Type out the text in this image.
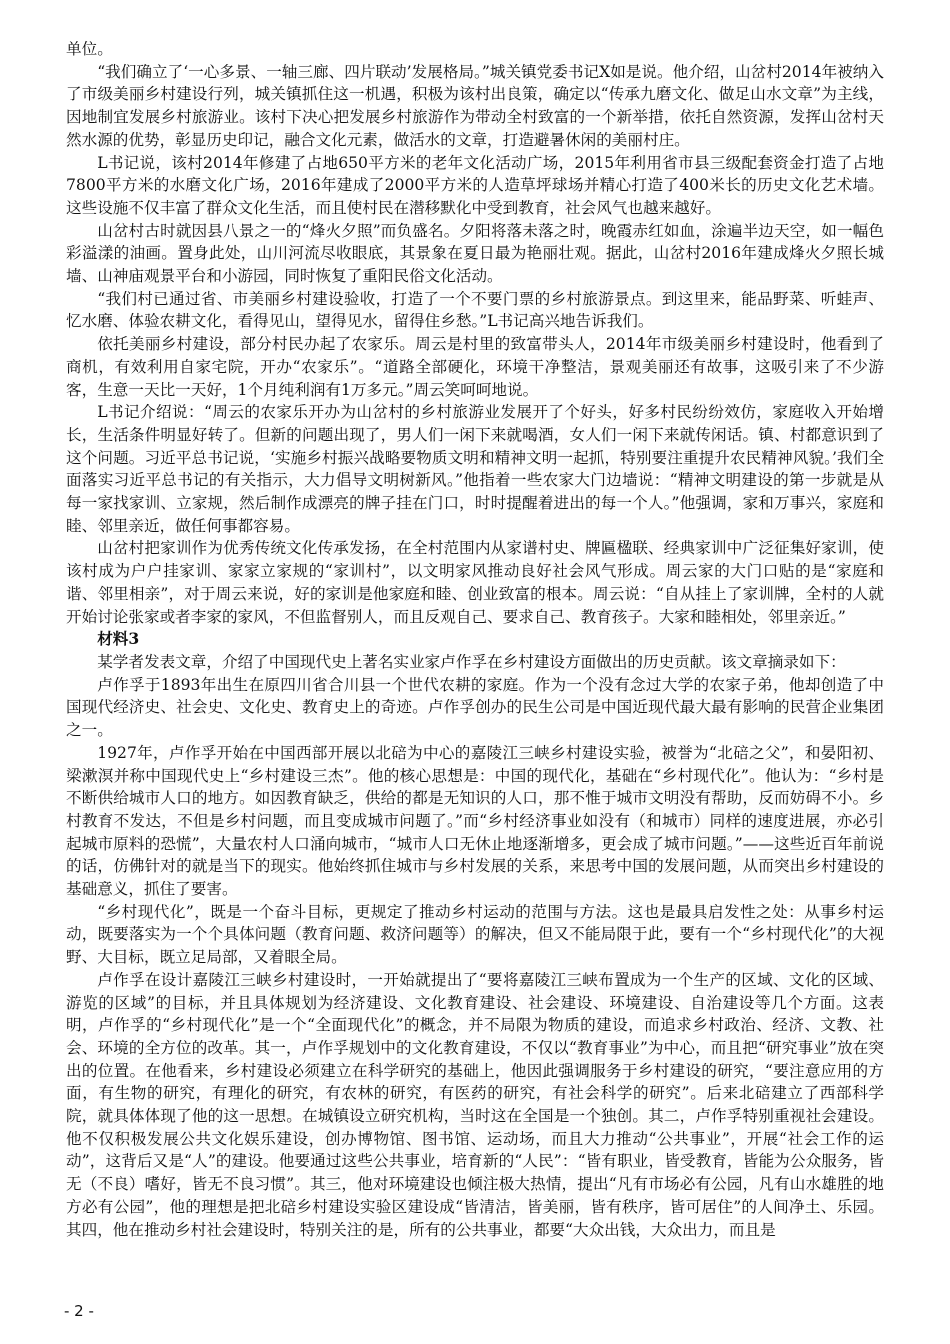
单位。

“我们确立了‘一心多景、一轴三廊、四片联动’发展格局。”城关镇党委书记X如是说。他介绍，山岔村2014年被纳入了市级美丽乡村建设行列，城关镇抓住这一机遇，积极为该村出良策，确定以“传承九磨文化、做足山水文章”为主线，因地制宜发展乡村旅游业。该村下决心把发展乡村旅游作为带动全村致富的一个新举措，依托自然资源，发挥山岔村天然水源的优势，彰显历史印记，融合文化元素，做活水的文章，打造避暑休闲的美丽村庄。

L书记说，该村2014年修建了占地650平方米的老年文化活动广场，2015年利用省市县三级配套资金打造了占地7800平方米的水磨文化广场，2016年建成了2000平方米的人造草坪球场并精心打造了400米长的历史文化艺术墙。这些设施不仅丰富了群众文化生活，而且使村民在潜移默化中受到教育，社会风气也越来越好。

山岔村古时就因县八景之一的“烽火夕照”而负盛名。夕阳将落未落之时，晚霞赤红如血，涂遍半边天空，如一幅色彩溢漾的油画。置身此处，山川河流尽收眼底，其景象在夏日最为艳丽壮观。据此，山岔村2016年建成烽火夕照长城墙、山神庙观景平台和小游园，同时恢复了重阳民俗文化活动。

“我们村已通过省、市美丽乡村建设验收，打造了一个不要门票的乡村旅游景点。到这里来，能品野菜、听蛙声、忆水磨、体验农耕文化，看得见山，望得见水，留得住乡愁。”L书记高兴地告诉我们。

依托美丽乡村建设，部分村民办起了农家乐。周云是村里的致富带头人，2014年市级美丽乡村建设时，他看到了商机，有效利用自家宅院，开办“农家乐”。“道路全部硬化，环境干净整洁，景观美丽还有故事，这吸引来了不少游客，生意一天比一天好，1个月纯利润有1万多元。”周云笑呵呵地说。

L书记介绍说：“周云的农家乐开办为山岔村的乡村旅游业发展开了个好头，好多村民纷纷效仿，家庭收入开始增长，生活条件明显好转了。但新的问题出现了，男人们一闲下来就喝酒，女人们一闲下来就传闲话。镇、村都意识到了这个问题。习近平总书记说，‘实施乡村振兴战略要物质文明和精神文明一起抓，特别要注重提升农民精神风貌。’我们全面落实习近平总书记的有关指示，大力倡导文明树新风。”他指着一些农家大门边墙说：“精神文明建设的第一步就是从每一家找家训、立家规，然后制作成漂亮的牌子挂在门口，时时提醒着进出的每一个人。”他强调，家和万事兴，家庭和睦、邻里亲近，做任何事都容易。

山岔村把家训作为优秀传统文化传承发扬，在全村范围内从家谱村史、牌匾楹联、经典家训中广泛征集好家训，使该村成为户户挂家训、家家立家规的“家训村”，以文明家风推动良好社会风气形成。周云家的大门口贴的是“家庭和谐、邻里相亲”，对于周云来说，好的家训是他家庭和睦、创业致富的根本。周云说：“自从挂上了家训牌，全村的人就开始讨论张家或者李家的家风，不但监督别人，而且反观自己、要求自己、教育孩子。大家和睦相处，邻里亲近。”

材料3

某学者发表文章，介绍了中国现代史上著名实业家卢作孚在乡村建设方面做出的历史贡献。该文章摘录如下：

卢作孚于1893年出生在原四川省合川县一个世代农耕的家庭。作为一个没有念过大学的农家子弟，他却创造了中国现代经济史、社会史、文化史、教育史上的奇迹。卢作孚创办的民生公司是中国近现代最大最有影响的民营企业集团之一。

1927年，卢作孚开始在中国西部开展以北碚为中心的嘉陵江三峡乡村建设实验，被誉为“北碚之父”，和晏阳初、梁漱溟并称中国现代史上“乡村建设三杰”。他的核心思想是：中国的现代化，基础在“乡村现代化”。他认为：“乡村是不断供给城市人口的地方。如因教育缺乏，供给的都是无知识的人口，那不惟于城市文明没有帮助，反而妨碍不小。乡村教育不发达，不但是乡村问题，而且变成城市问题了。”而“乡村经济事业如没有（和城市）同样的速度进展，亦必引起城市原料的恐慌”，大量农村人口涌向城市，“城市人口无休止地逐渐增多，更会成了城市问题。”——这些近百年前说的话，仿佛针对的就是当下的现实。他始终抓住城市与乡村发展的关系，来思考中国的发展问题，从而突出乡村建设的基础意义，抓住了要害。

“乡村现代化”，既是一个奋斗目标，更规定了推动乡村运动的范围与方法。这也是最具启发性之处：从事乡村运动，既要落实为一个个具体问题（教育问题、救济问题等）的解决，但又不能局限于此，要有一个“乡村现代化”的大视野、大目标，既立足局部，又着眼全局。

卢作孚在设计嘉陵江三峡乡村建设时，一开始就提出了“要将嘉陵江三峡布置成为一个生产的区域、文化的区域、游览的区域”的目标，并且具体规划为经济建设、文化教育建设、社会建设、环境建设、自治建设等几个方面。这表明，卢作孚的“乡村现代化”是一个“全面现代化”的概念，并不局限为物质的建设，而追求乡村政治、经济、文教、社会、环境的全方位的改革。其一，卢作孚规划中的文化教育建设，不仅以“教育事业”为中心，而且把“研究事业”放在突出的位置。在他看来，乡村建设必须建立在科学研究的基础上，他因此强调服务于乡村建设的研究，“要注意应用的方面，有生物的研究，有理化的研究，有农林的研究，有医药的研究，有社会科学的研究”。后来北碚建立了西部科学院，就具体体现了他的这一思想。在城镇设立研究机构，当时这在全国是一个独创。其二，卢作孚特别重视社会建设。他不仅积极发展公共文化娱乐建设，创办博物馆、图书馆、运动场，而且大力推动“公共事业”，开展“社会工作的运动”，这背后又是“人”的建设。他要通过这些公共事业，培育新的“人民”：“皆有职业，皆受教育，皆能为公众服务，皆无（不良）嗜好，皆无不良习惯”。其三，他对环境建设也倾注极大热情，提出“凡有市场必有公园，凡有山水雄胜的地方必有公园”，他的理想是把北碚乡村建设实验区建设成“皆清洁，皆美丽，皆有秩序，皆可居住”的人间净土、乐园。其四，他在推动乡村社会建设时，特别关注的是，所有的公共事业，都要“大众出钱，大众出力，而且是

- 2 -
